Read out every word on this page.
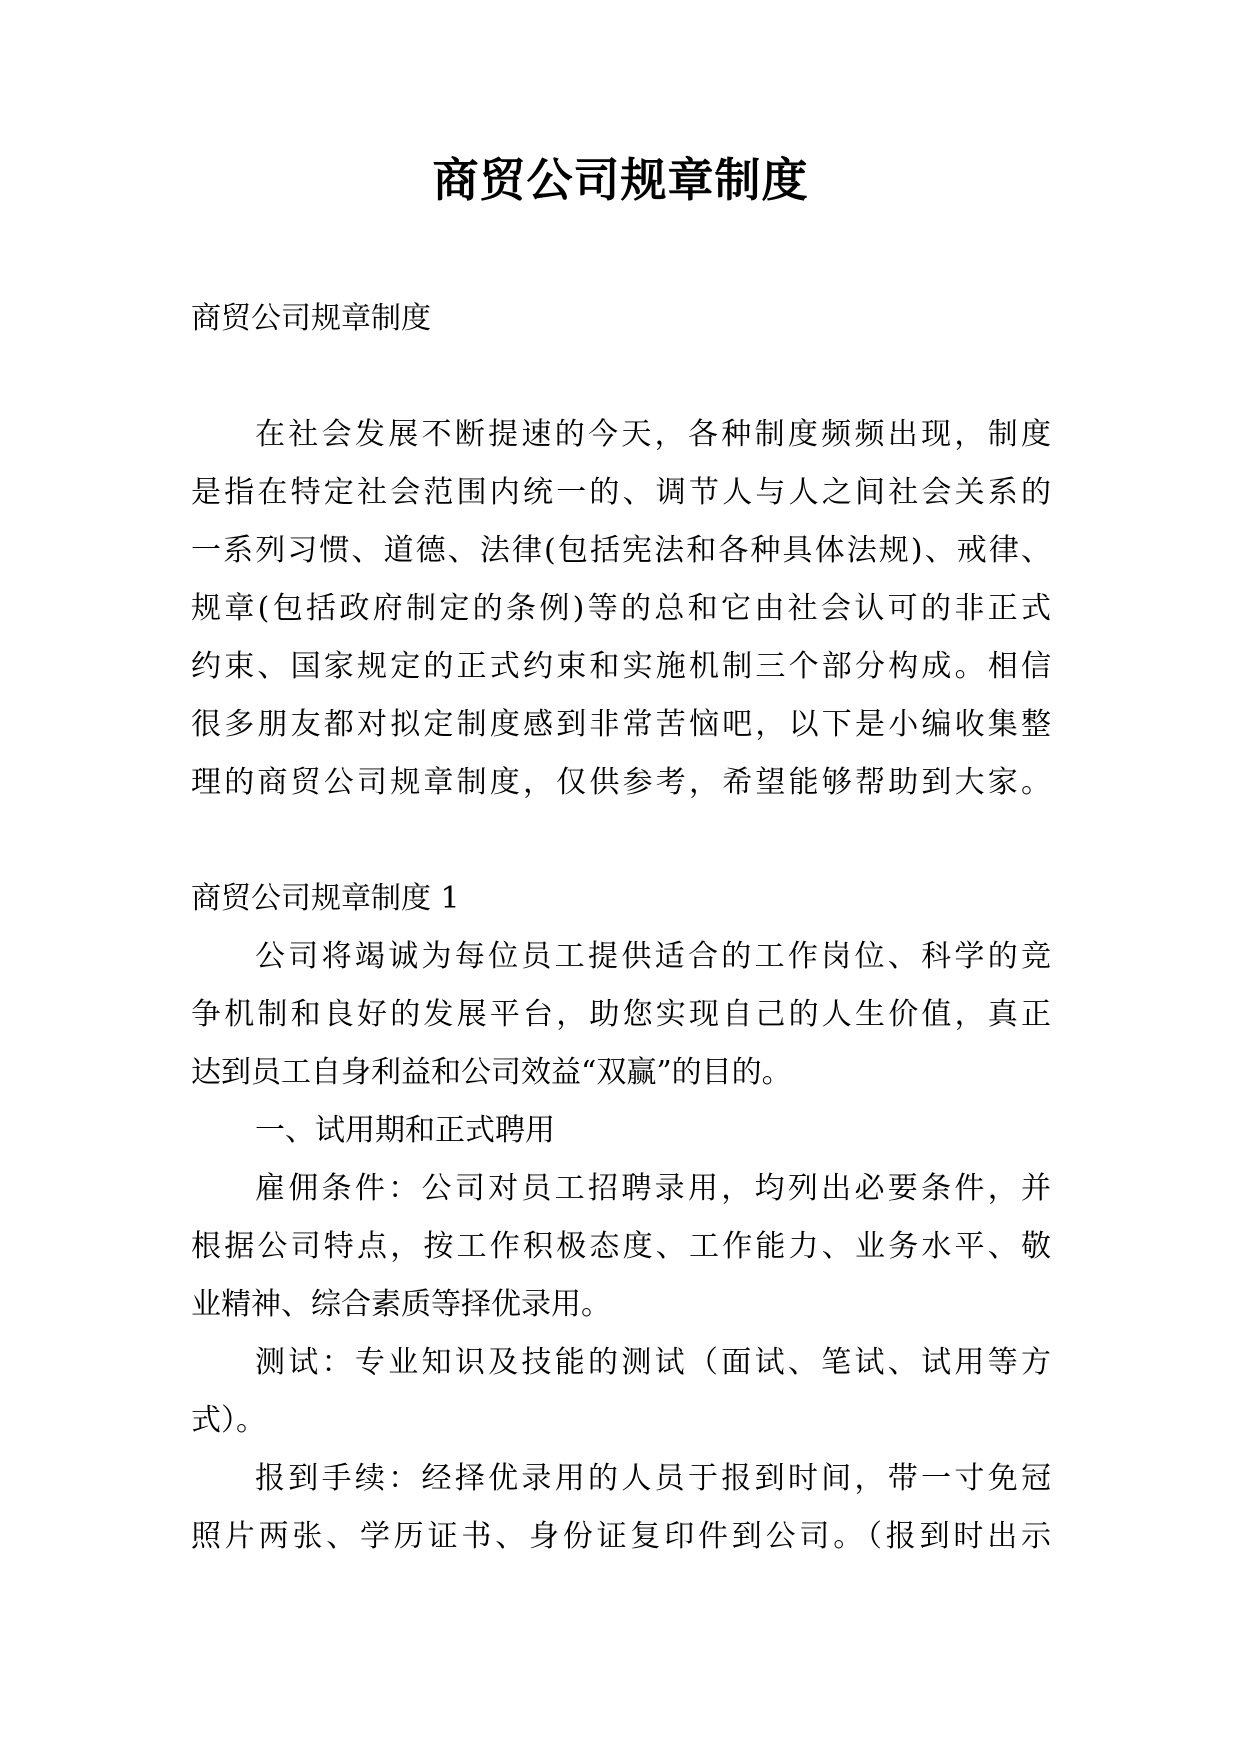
商贸公司规章制度
商贸公司规章制度
在社会发展不断提速的今天，各种制度频频出现，制度
是指在特定社会范围内统一的、调节人与人之间社会关系的
一系列习惯、道德、法律(包括宪法和各种具体法规)、戒律、
规章(包括政府制定的条例)等的总和它由社会认可的非正式
约束、国家规定的正式约束和实施机制三个部分构成。相信
很多朋友都对拟定制度感到非常苦恼吧，以下是小编收集整
理的商贸公司规章制度，仅供参考，希望能够帮助到大家。
商贸公司规章制度 1
公司将竭诚为每位员工提供适合的工作岗位、科学的竞
争机制和良好的发展平台，助您实现自己的人生价值，真正
达到员工自身利益和公司效益“双赢”的目的。
一、试用期和正式聘用
雇佣条件：公司对员工招聘录用，均列出必要条件，并
根据公司特点，按工作积极态度、工作能力、业务水平、敬
业精神、综合素质等择优录用。
测试：专业知识及技能的测试（面试、笔试、试用等方
式）。
报到手续：经择优录用的人员于报到时间，带一寸免冠
照片两张、学历证书、身份证复印件到公司。（报到时出示
